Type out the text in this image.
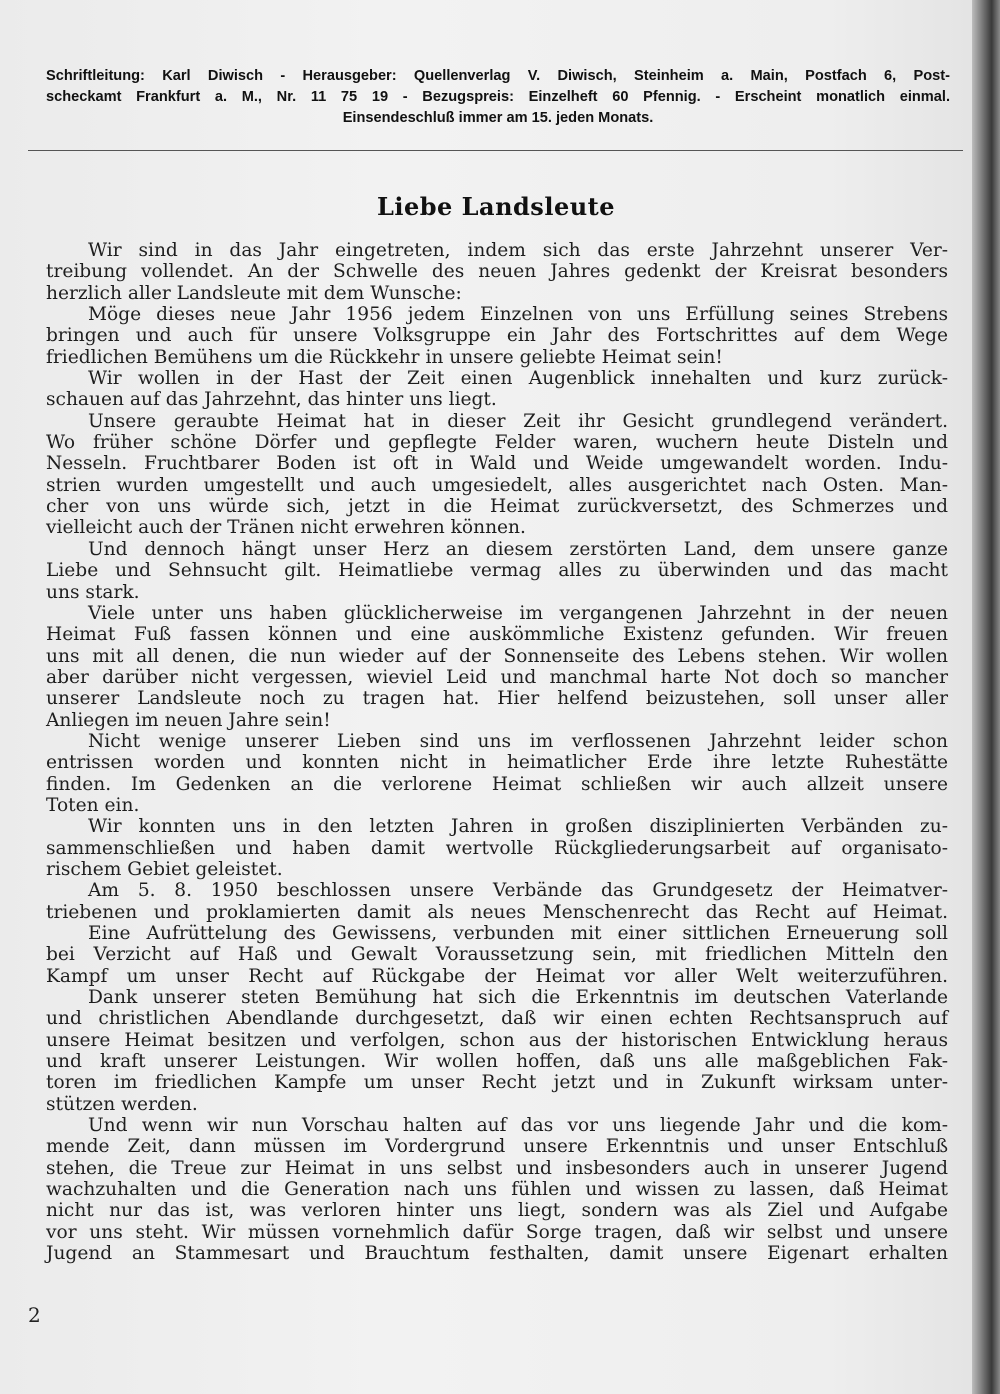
Schriftleitung: Karl Diwisch - Herausgeber: Quellenverlag V. Diwisch, Steinheim a. Main, Postfach 6, Post-
scheckamt Frankfurt a. M., Nr. 11 75 19 - Bezugspreis: Einzelheft 60 Pfennig. - Erscheint monatlich einmal.
Einsendeschluß immer am 15. jeden Monats.
Liebe Landsleute
Wir sind in das Jahr eingetreten, indem sich das erste Jahrzehnt unserer Ver-
treibung vollendet. An der Schwelle des neuen Jahres gedenkt der Kreisrat besonders
herzlich aller Landsleute mit dem Wunsche:
Möge dieses neue Jahr 1956 jedem Einzelnen von uns Erfüllung seines Strebens
bringen und auch für unsere Volksgruppe ein Jahr des Fortschrittes auf dem Wege
friedlichen Bemühens um die Rückkehr in unsere geliebte Heimat sein!
Wir wollen in der Hast der Zeit einen Augenblick innehalten und kurz zurück-
schauen auf das Jahrzehnt, das hinter uns liegt.
Unsere geraubte Heimat hat in dieser Zeit ihr Gesicht grundlegend verändert.
Wo früher schöne Dörfer und gepflegte Felder waren, wuchern heute Disteln und
Nesseln. Fruchtbarer Boden ist oft in Wald und Weide umgewandelt worden. Indu-
strien wurden umgestellt und auch umgesiedelt, alles ausgerichtet nach Osten. Man-
cher von uns würde sich, jetzt in die Heimat zurückversetzt, des Schmerzes und
vielleicht auch der Tränen nicht erwehren können.
Und dennoch hängt unser Herz an diesem zerstörten Land, dem unsere ganze
Liebe und Sehnsucht gilt. Heimatliebe vermag alles zu überwinden und das macht
uns stark.
Viele unter uns haben glücklicherweise im vergangenen Jahrzehnt in der neuen
Heimat Fuß fassen können und eine auskömmliche Existenz gefunden. Wir freuen
uns mit all denen, die nun wieder auf der Sonnenseite des Lebens stehen. Wir wollen
aber darüber nicht vergessen, wieviel Leid und manchmal harte Not doch so mancher
unserer Landsleute noch zu tragen hat. Hier helfend beizustehen, soll unser aller
Anliegen im neuen Jahre sein!
Nicht wenige unserer Lieben sind uns im verflossenen Jahrzehnt leider schon
entrissen worden und konnten nicht in heimatlicher Erde ihre letzte Ruhestätte
finden. Im Gedenken an die verlorene Heimat schließen wir auch allzeit unsere
Toten ein.
Wir konnten uns in den letzten Jahren in großen disziplinierten Verbänden zu-
sammenschließen und haben damit wertvolle Rückgliederungsarbeit auf organisato-
rischem Gebiet geleistet.
Am 5. 8. 1950 beschlossen unsere Verbände das Grundgesetz der Heimatver-
triebenen und proklamierten damit als neues Menschenrecht das Recht auf Heimat.
Eine Aufrüttelung des Gewissens, verbunden mit einer sittlichen Erneuerung soll
bei Verzicht auf Haß und Gewalt Voraussetzung sein, mit friedlichen Mitteln den
Kampf um unser Recht auf Rückgabe der Heimat vor aller Welt weiterzuführen.
Dank unserer steten Bemühung hat sich die Erkenntnis im deutschen Vaterlande
und christlichen Abendlande durchgesetzt, daß wir einen echten Rechtsanspruch auf
unsere Heimat besitzen und verfolgen, schon aus der historischen Entwicklung heraus
und kraft unserer Leistungen. Wir wollen hoffen, daß uns alle maßgeblichen Fak-
toren im friedlichen Kampfe um unser Recht jetzt und in Zukunft wirksam unter-
stützen werden.
Und wenn wir nun Vorschau halten auf das vor uns liegende Jahr und die kom-
mende Zeit, dann müssen im Vordergrund unsere Erkenntnis und unser Entschluß
stehen, die Treue zur Heimat in uns selbst und insbesonders auch in unserer Jugend
wachzuhalten und die Generation nach uns fühlen und wissen zu lassen, daß Heimat
nicht nur das ist, was verloren hinter uns liegt, sondern was als Ziel und Aufgabe
vor uns steht. Wir müssen vornehmlich dafür Sorge tragen, daß wir selbst und unsere
Jugend an Stammesart und Brauchtum festhalten, damit unsere Eigenart erhalten
2
